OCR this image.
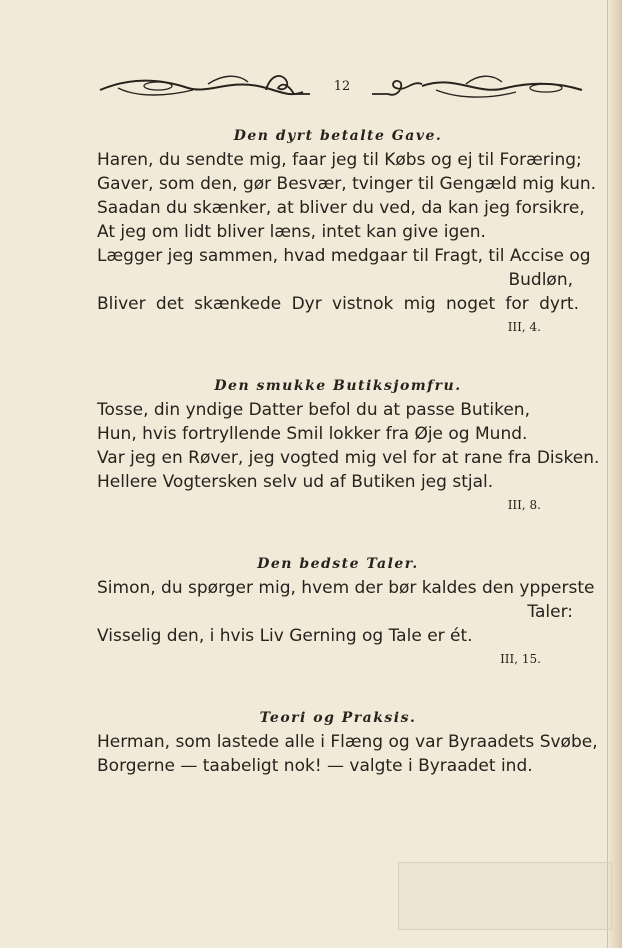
12
Den dyrt betalte Gave.
Haren, du sendte mig, faar jeg til Købs og ej til Foræring;
Gaver, som den, gør Besvær, tvinger til Gengæld mig kun.
Saadan du skænker, at bliver du ved, da kan jeg forsikre,
At jeg om lidt bliver læns, intet kan give igen.
Lægger jeg sammen, hvad medgaar til Fragt, til Accise og
Budløn,
Bliver det skænkede Dyr vistnok mig noget for dyrt.
III, 4.
Den smukke Butiksjomfru.
Tosse, din yndige Datter befol du at passe Butiken,
Hun, hvis fortryllende Smil lokker fra Øje og Mund.
Var jeg en Røver, jeg vogted mig vel for at rane fra Disken.
Hellere Vogtersken selv ud af Butiken jeg stjal.
III, 8.
Den bedste Taler.
Simon, du spørger mig, hvem der bør kaldes den ypperste
Taler:
Visselig den, i hvis Liv Gerning og Tale er ét.
III, 15.
Teori og Praksis.
Herman, som lastede alle i Flæng og var Byraadets Svøbe,
Borgerne — taabeligt nok! — valgte i Byraadet ind.
